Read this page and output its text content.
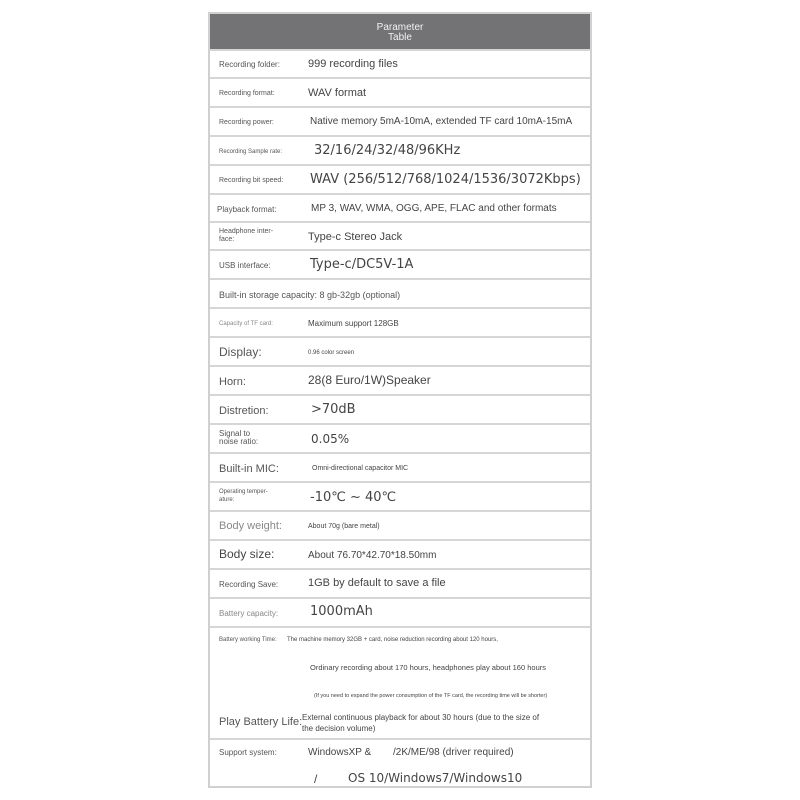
Parameter
Table
Recording folder:	999 recording files
Recording format:	WAV format
Recording power:	Native memory 5mA-10mA, extended TF card 10mA-15mA
Recording Sample rate: 32/16/24/32/48/96KHz
Recording bit speed: WAV (256/512/768/1024/1536/3072Kbps)
Playback format:	MP 3, WAV, WMA, OGG, APE, FLAC and other formats
Headphone inter-
face:	Type-c Stereo Jack
USB interface:	Type-c/DC5V-1A
Built-in storage capacity: 8 gb-32gb (optional)
Capacity of TF card:	Maximum support 128GB
Display:	0.96 color screen
Horn:	28(8 Euro/1W)Speaker
Distretion:	>70dB
Signal to
noise ratio:	0.05%
Built-in MIC:	Omni-directional capacitor MIC
Operating temper-
ature:	-10℃ ~ 40℃
Body weight:	About 70g (bare metal)
Body size:	About 76.70*42.70*18.50mm
Recording Save:	1GB by default to save a file
Battery capacity: 1000mAh
Battery working Time: The machine memory 32GB + card, noise reduction recording about 120 hours,
Ordinary recording about 170 hours, headphones play about 160 hours
(If you need to expand the power consumption of the TF card, the recording time will be shorter)
Play Battery Life: External continuous playback for about 30 hours (due to the size of
the decision volume)
Support system:	WindowsXP & /2K/ME/98 (driver required)
/	OS 10/Windows7/Windows10
